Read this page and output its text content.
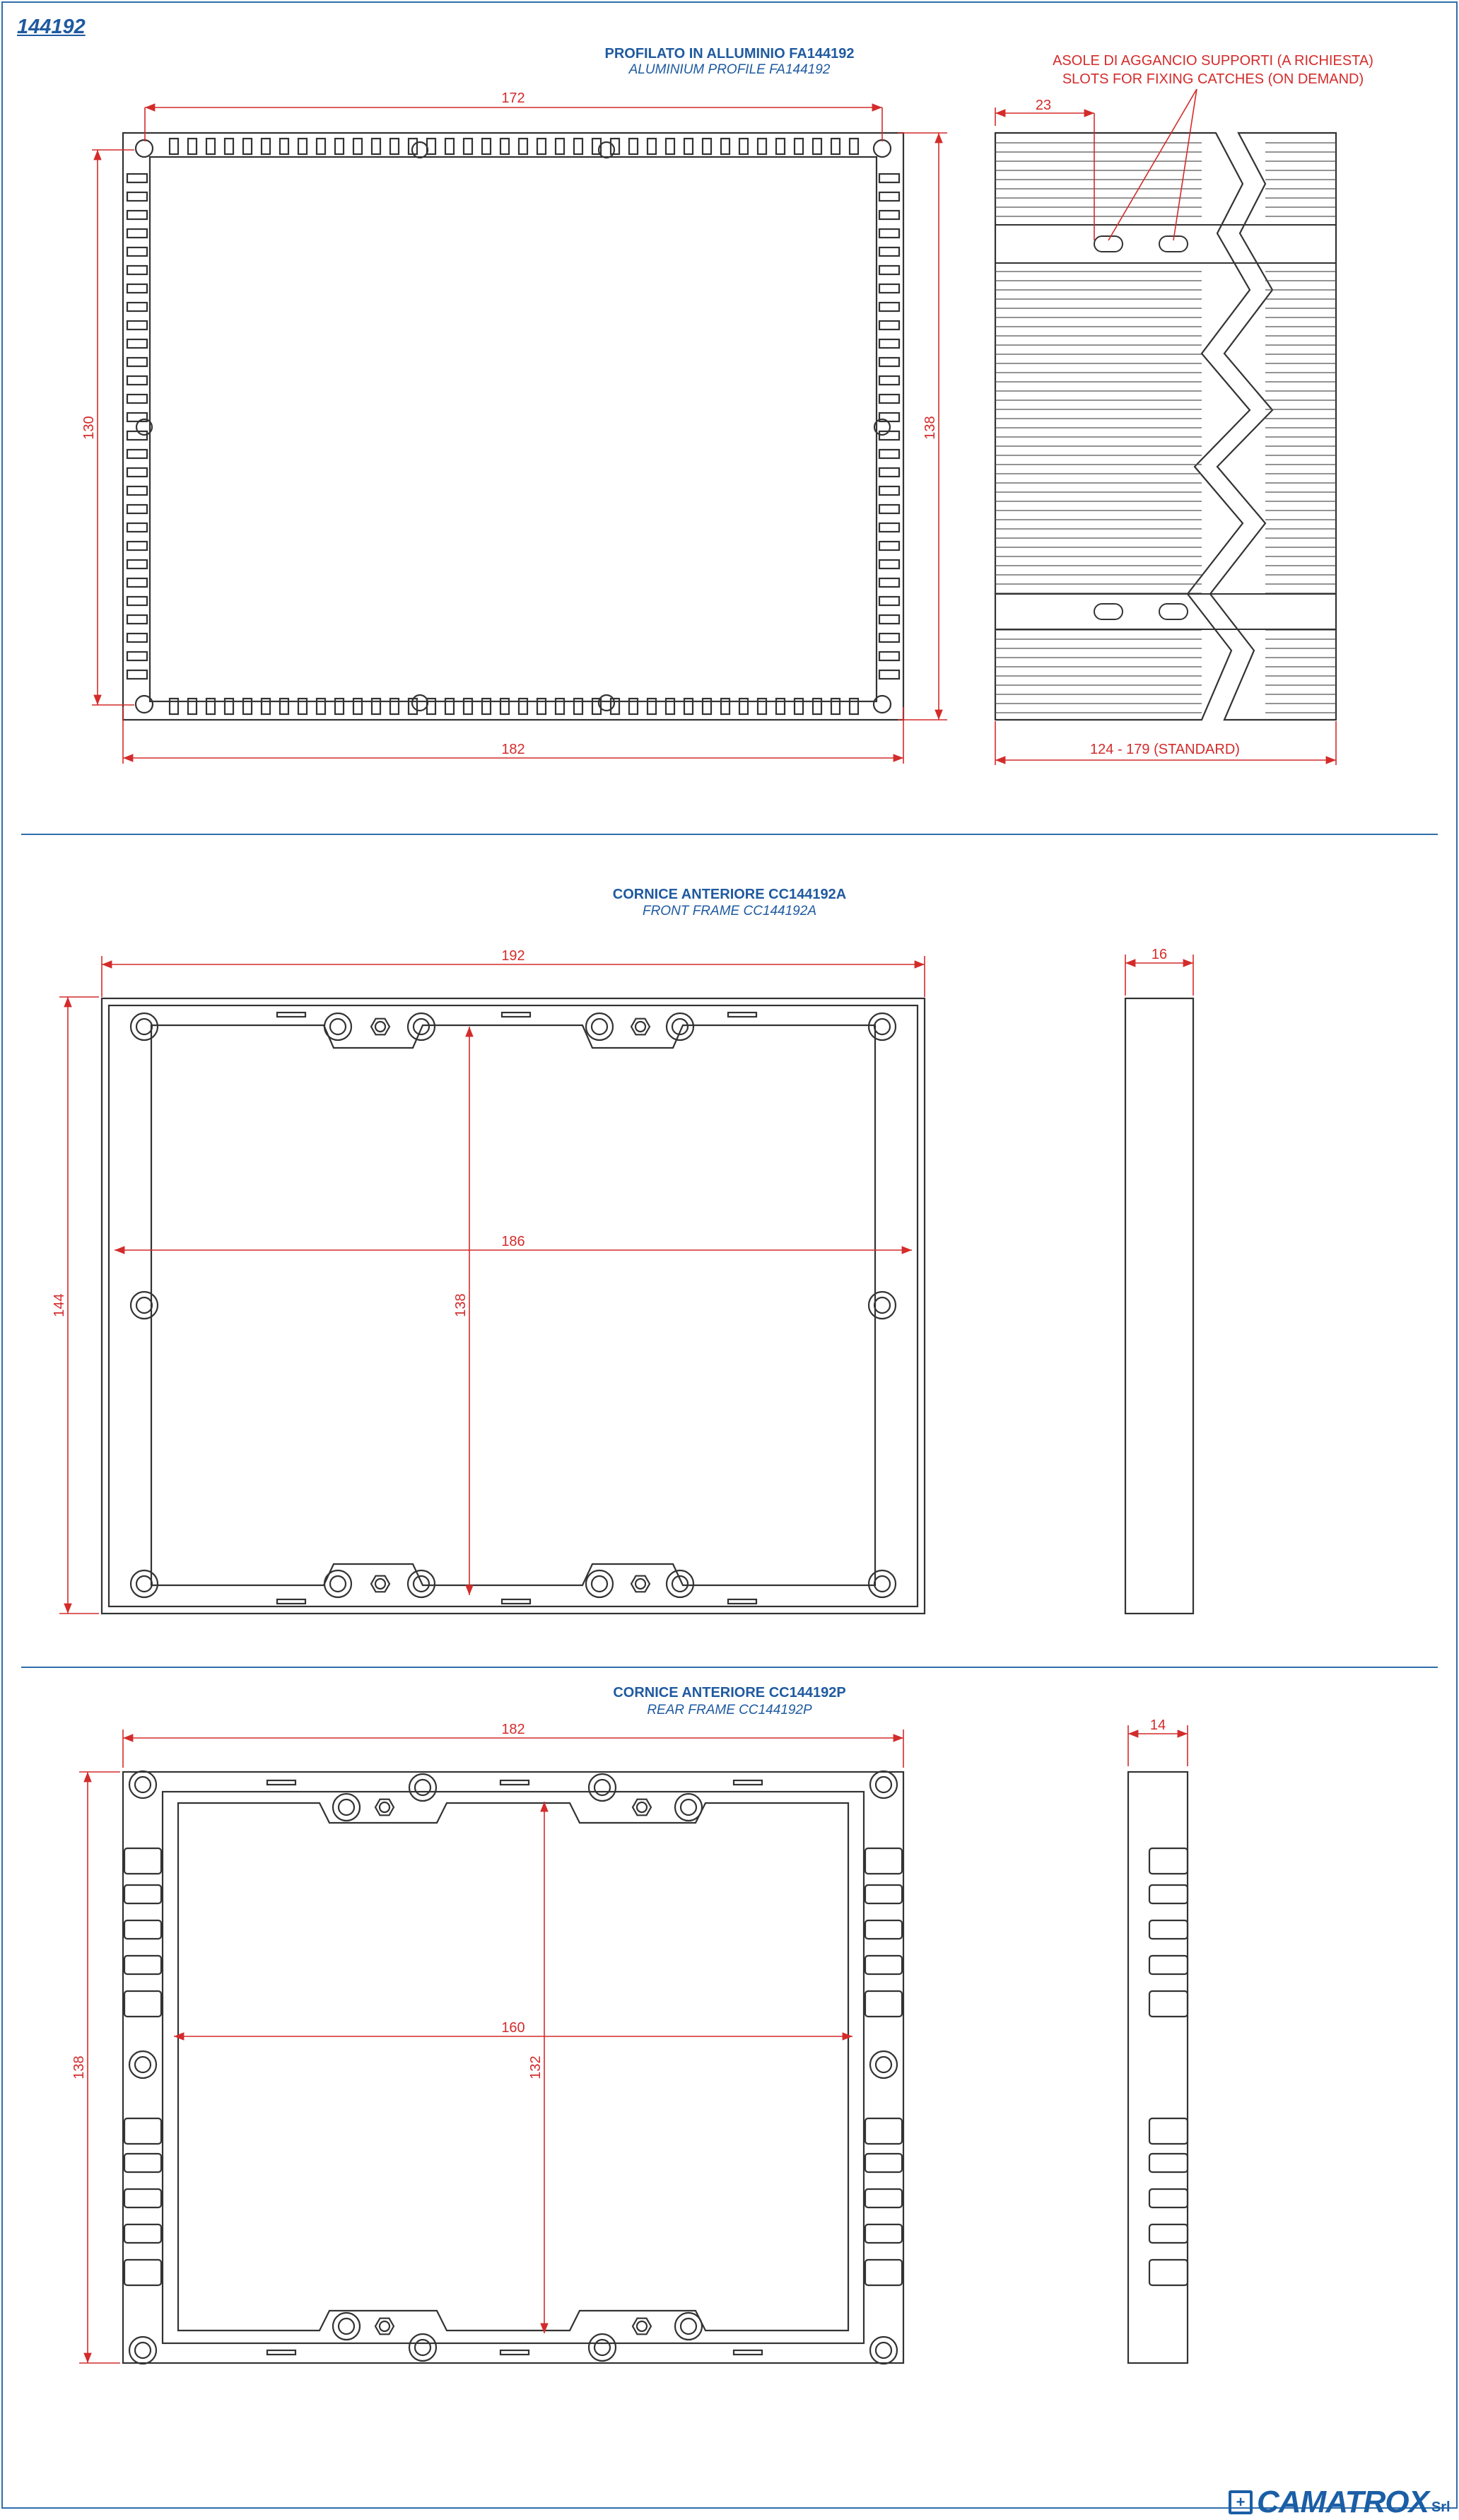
144192
PROFILATO IN ALLUMINIO FA144192
ALUMINIUM PROFILE FA144192
172
182
130	138
ASOLE DI AGGANCIO SUPPORTI (A RICHIESTA)
SLOTS FOR FIXING CATCHES (ON DEMAND)
23
124 - 179 (STANDARD)
CORNICE ANTERIORE CC144192A
FRONT FRAME CC144192A
192
144
186
138
16
CORNICE ANTERIORE CC144192P
REAR FRAME CC144192P
182
138
160
132
14
+ CAMATROX Srl
